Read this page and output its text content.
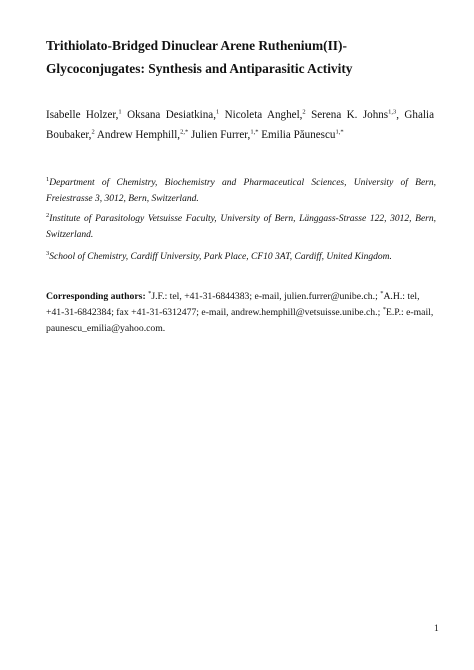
Trithiolato-Bridged Dinuclear Arene Ruthenium(II)- Glycoconjugates: Synthesis and Antiparasitic Activity

Isabelle Holzer,$^1$ Oksana Desiatkina,$^1$ Nicoleta Anghel,$^2$ Serena K. Johns$^{1,3}$, Ghalia Boubaker,$^2$ Andrew Hemphill,$^{2,*}$ Julien Furrer,$^{1,*}$ Emilia Păunescu$^{1,*}$

$^1$Department of Chemistry, Biochemistry and Pharmaceutical Sciences, University of Bern, Freiestrasse 3, 3012, Bern, Switzerland.

$^2$Institute of Parasitology Vetsuisse Faculty, University of Bern, Länggass-Strasse 122, 3012, Bern, Switzerland.

$^3$School of Chemistry, Cardiff University, Park Place, CF10 3AT, Cardiff, United Kingdom.

Corresponding authors: *J.F.: tel, +41-31-6844383; e-mail, julien.furrer@unibe.ch.; *A.H.: tel, +41-31-6842384; fax +41-31-6312477; e-mail, andrew.hemphill@vetsuisse.unibe.ch.; *E.P.: e-mail, paunescu_emilia@yahoo.com.

1
